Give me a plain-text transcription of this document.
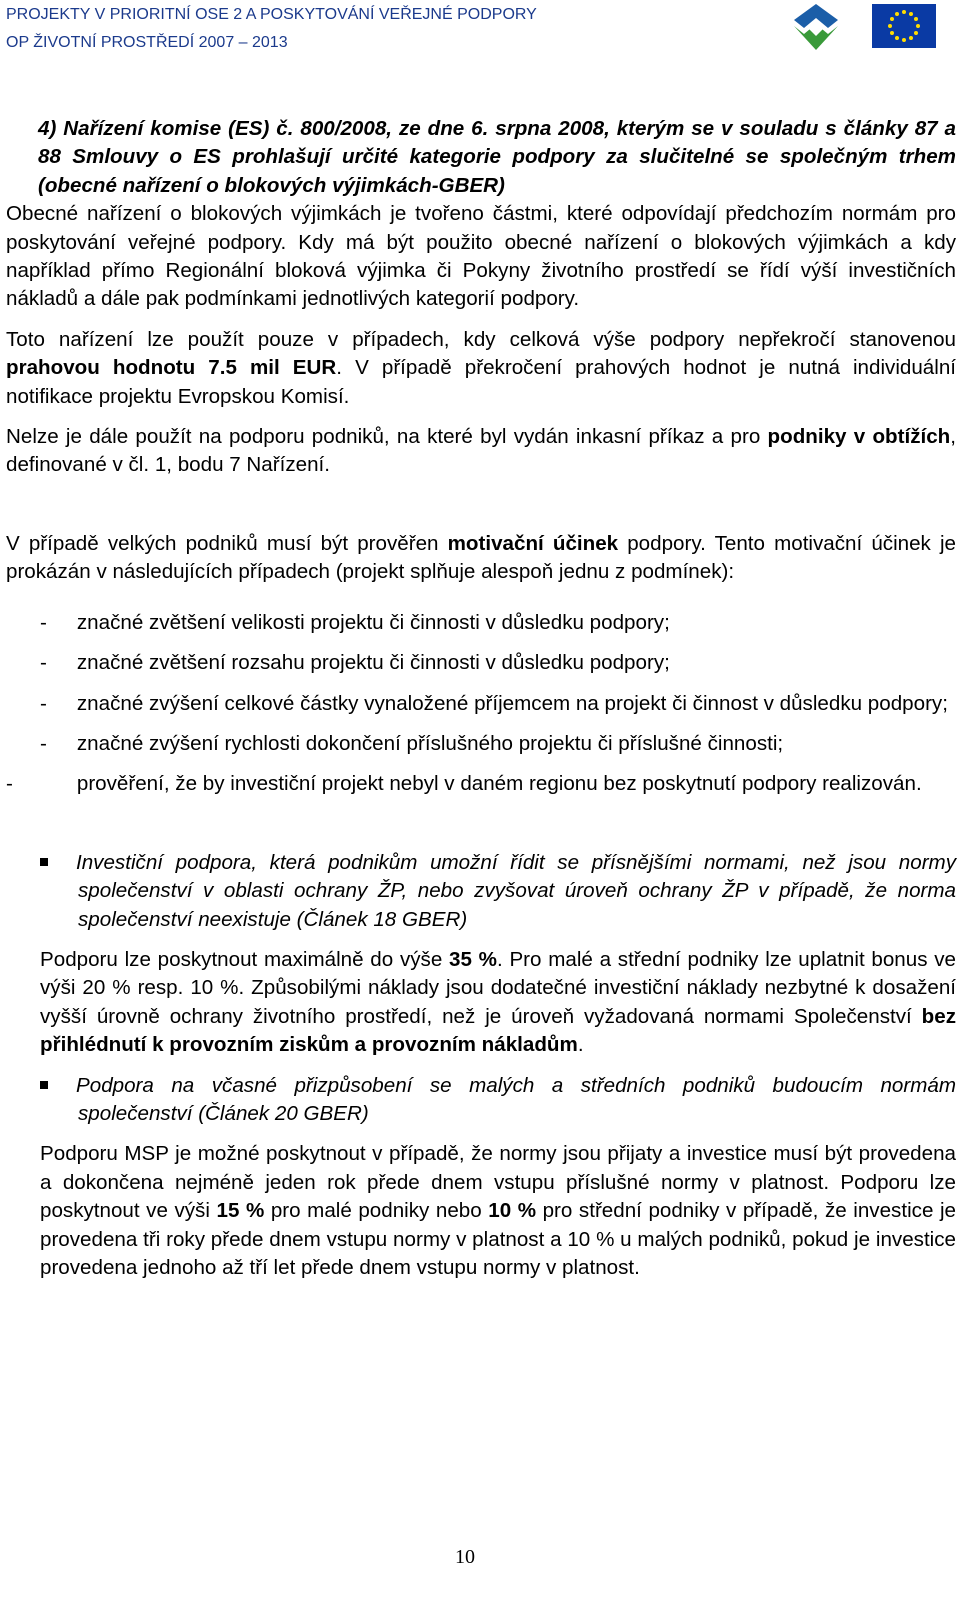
PROJEKTY V PRIORITNÍ OSE 2 A POSKYTOVÁNÍ VEŘEJNÉ PODPORY
OP ŽIVOTNÍ PROSTŘEDÍ 2007 – 2013

4) Nařízení komise (ES) č. 800/2008, ze dne 6. srpna 2008, kterým se v souladu s články 87 a 88 Smlouvy o ES prohlašují určité kategorie podpory za slučitelné se společným trhem (obecné nařízení o blokových výjimkách-GBER)

Obecné nařízení o blokových výjimkách je tvořeno částmi, které odpovídají předchozím normám pro poskytování veřejné podpory. Kdy má být použito obecné nařízení o blokových výjimkách a kdy například přímo Regionální bloková výjimka či Pokyny životního prostředí se řídí výší investičních nákladů a dále pak podmínkami jednotlivých kategorií podpory.

Toto nařízení lze použít pouze v případech, kdy celková výše podpory nepřekročí stanovenou prahovou hodnotu 7.5 mil EUR. V případě překročení prahových hodnot je nutná individuální notifikace projektu Evropskou Komisí.

Nelze je dále použít na podporu podniků, na které byl vydán inkasní příkaz a pro podniky v obtížích, definované v čl. 1, bodu 7 Nařízení.

V případě velkých podniků musí být prověřen motivační účinek podpory. Tento motivační účinek je prokázán v následujících případech (projekt splňuje alespoň jednu z podmínek):

- značné zvětšení velikosti projektu či činnosti v důsledku podpory;

- značné zvětšení rozsahu projektu či činnosti v důsledku podpory;

- značné zvýšení celkové částky vynaložené příjemcem na projekt či činnost v důsledku podpory;

- značné zvýšení rychlosti dokončení příslušného projektu či příslušné činnosti;

-	prověření, že by investiční projekt nebyl v daném regionu bez poskytnutí podpory realizován.

Investiční podpora, která podnikům umožní řídit se přísnějšími normami, než jsou normy společenství v oblasti ochrany ŽP, nebo zvyšovat úroveň ochrany ŽP v případě, že norma společenství neexistuje (Článek 18 GBER)

Podporu lze poskytnout maximálně do výše 35 %. Pro malé a střední podniky lze uplatnit bonus ve výši 20 % resp. 10 %. Způsobilými náklady jsou dodatečné investiční náklady nezbytné k dosažení vyšší úrovně ochrany životního prostředí, než je úroveň vyžadovaná normami Společenství bez přihlédnutí k provozním ziskům a provozním nákladům.

Podpora na včasné přizpůsobení se malých a středních podniků budoucím normám společenství (Článek 20 GBER)

Podporu MSP je možné poskytnout v případě, že normy jsou přijaty a investice musí být provedena a dokončena nejméně jeden rok přede dnem vstupu příslušné normy v platnost. Podporu lze poskytnout ve výši 15 % pro malé podniky nebo 10 % pro střední podniky v případě, že investice je provedena tři roky přede dnem vstupu normy v platnost a 10 % u malých podniků, pokud je investice provedena jednoho až tří let přede dnem vstupu normy v platnost.

10
